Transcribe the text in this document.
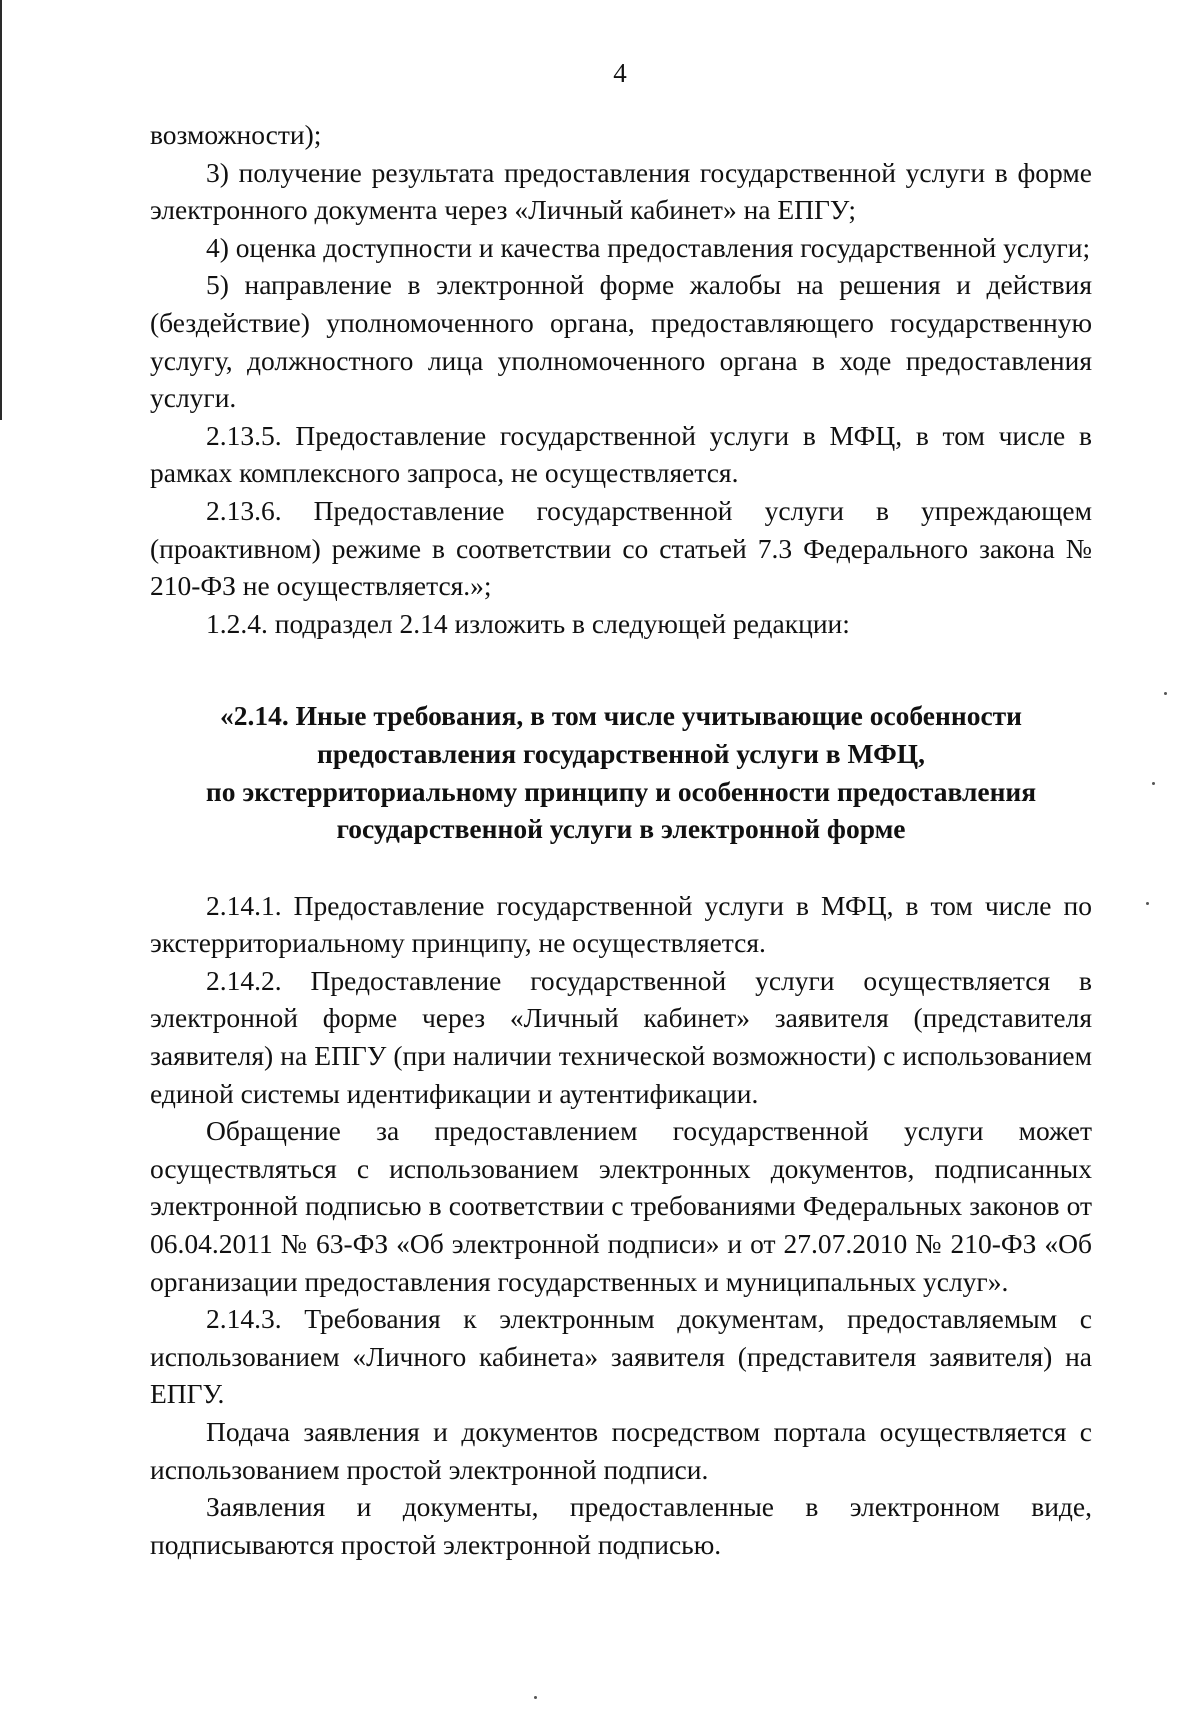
4

возможности);

3) получение результата предоставления государственной услуги в форме электронного документа через «Личный кабинет» на ЕПГУ;

4) оценка доступности и качества предоставления государственной услуги;

5) направление в электронной форме жалобы на решения и действия (бездействие) уполномоченного органа, предоставляющего государственную услугу, должностного лица уполномоченного органа в ходе предоставления услуги.

2.13.5. Предоставление государственной услуги в МФЦ, в том числе в рамках комплексного запроса, не осуществляется.

2.13.6. Предоставление государственной услуги в упреждающем (проактивном) режиме в соответствии со статьей 7.3 Федерального закона № 210-ФЗ не осуществляется.»;

1.2.4. подраздел 2.14 изложить в следующей редакции:

«2.14. Иные требования, в том числе учитывающие особенности
предоставления государственной услуги в МФЦ,
по экстерриториальному принципу и особенности предоставления
государственной услуги в электронной форме

2.14.1. Предоставление государственной услуги в МФЦ, в том числе по экстерриториальному принципу, не осуществляется.

2.14.2. Предоставление государственной услуги осуществляется в электронной форме через «Личный кабинет» заявителя (представителя заявителя) на ЕПГУ (при наличии технической возможности) с использованием единой системы идентификации и аутентификации.

Обращение за предоставлением государственной услуги может осуществляться с использованием электронных документов, подписанных электронной подписью в соответствии с требованиями Федеральных законов от 06.04.2011 № 63-ФЗ «Об электронной подписи» и от 27.07.2010 № 210-ФЗ «Об организации предоставления государственных и муниципальных услуг».

2.14.3. Требования к электронным документам, предоставляемым с использованием «Личного кабинета» заявителя (представителя заявителя) на ЕПГУ.

Подача заявления и документов посредством портала осуществляется с использованием простой электронной подписи.

Заявления и документы, предоставленные в электронном виде, подписываются простой электронной подписью.
